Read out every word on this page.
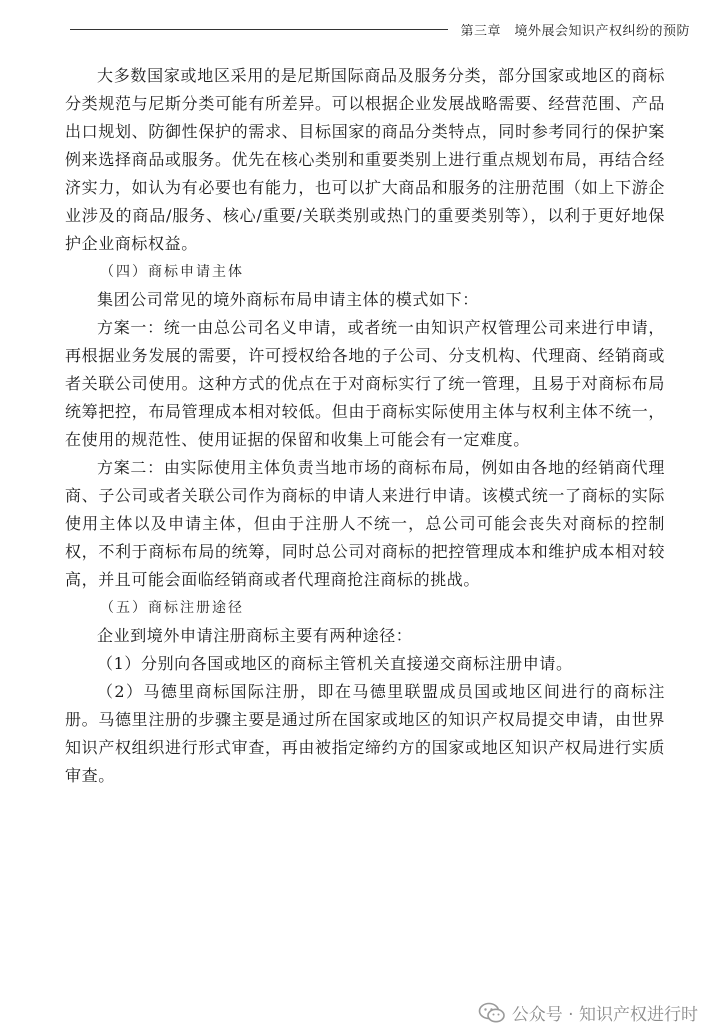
第三章　境外展会知识产权纠纷的预防

大多数国家或地区采用的是尼斯国际商品及服务分类，部分国家或地区的商标分类规范与尼斯分类可能有所差异。可以根据企业发展战略需要、经营范围、产品出口规划、防御性保护的需求、目标国家的商品分类特点，同时参考同行的保护案例来选择商品或服务。优先在核心类别和重要类别上进行重点规划布局，再结合经济实力，如认为有必要也有能力，也可以扩大商品和服务的注册范围（如上下游企业涉及的商品/服务、核心/重要/关联类别或热门的重要类别等），以利于更好地保护企业商标权益。

（四）商标申请主体

集团公司常见的境外商标布局申请主体的模式如下：

方案一：统一由总公司名义申请，或者统一由知识产权管理公司来进行申请，再根据业务发展的需要，许可授权给各地的子公司、分支机构、代理商、经销商或者关联公司使用。这种方式的优点在于对商标实行了统一管理，且易于对商标布局统筹把控，布局管理成本相对较低。但由于商标实际使用主体与权利主体不统一，在使用的规范性、使用证据的保留和收集上可能会有一定难度。

方案二：由实际使用主体负责当地市场的商标布局，例如由各地的经销商代理商、子公司或者关联公司作为商标的申请人来进行申请。该模式统一了商标的实际使用主体以及申请主体，但由于注册人不统一，总公司可能会丧失对商标的控制权，不利于商标布局的统筹，同时总公司对商标的把控管理成本和维护成本相对较高，并且可能会面临经销商或者代理商抢注商标的挑战。

（五）商标注册途径

企业到境外申请注册商标主要有两种途径：

（1）分别向各国或地区的商标主管机关直接递交商标注册申请。

（2）马德里商标国际注册，即在马德里联盟成员国或地区间进行的商标注册。马德里注册的步骤主要是通过所在国家或地区的知识产权局提交申请，由世界知识产权组织进行形式审查，再由被指定缔约方的国家或地区知识产权局进行实质审查。

公众号 · 知识产权进行时
